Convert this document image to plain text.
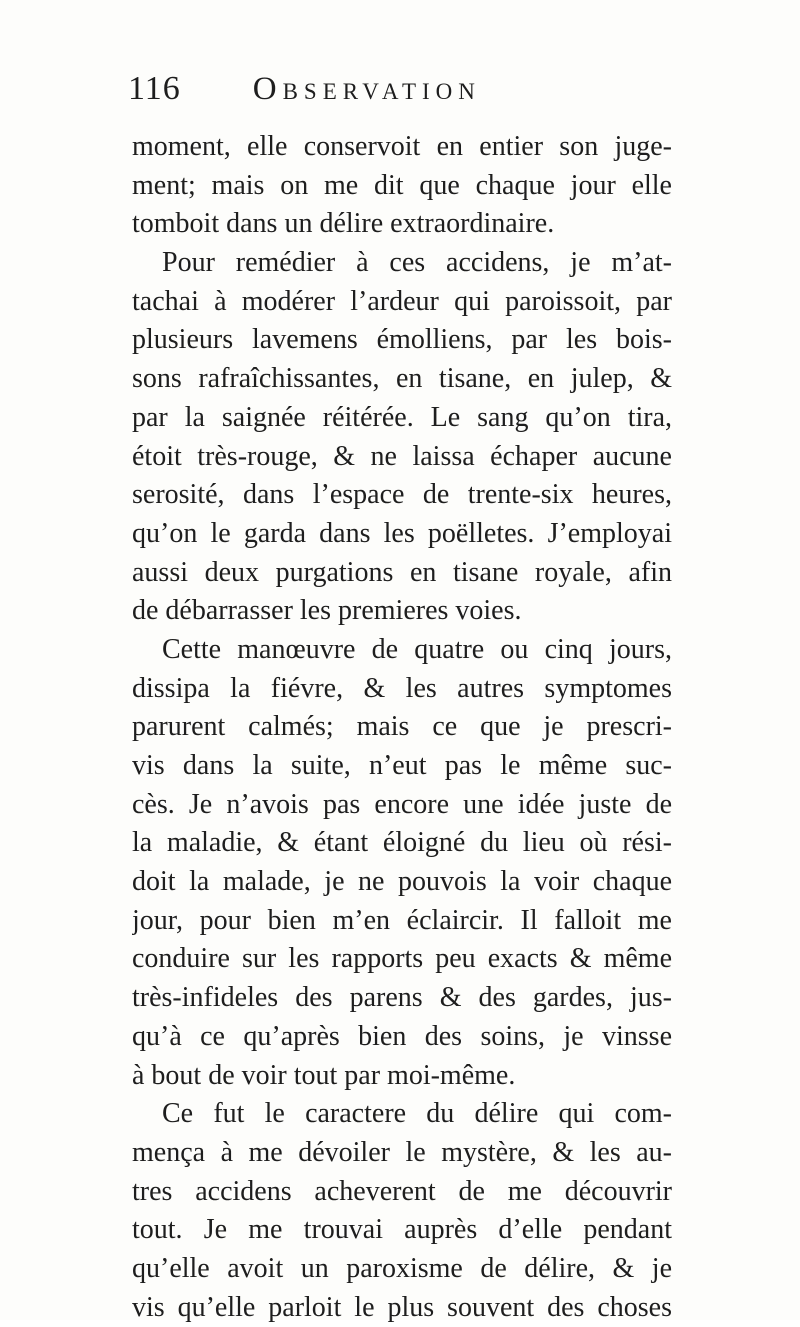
116 Observation
moment, elle conservoit en entier son juge-
ment; mais on me dit que chaque jour elle
tomboit dans un délire extraordinaire.
Pour remédier à ces accidens, je m’at-
tachai à modérer l’ardeur qui paroissoit, par
plusieurs lavemens émolliens, par les bois-
sons rafraîchissantes, en tisane, en julep, &
par la saignée réitérée. Le sang qu’on tira,
étoit très-rouge, & ne laissa échaper aucune
serosité, dans l’espace de trente-six heures,
qu’on le garda dans les poëlletes. J’employai
aussi deux purgations en tisane royale, afin
de débarrasser les premieres voies.
Cette manœuvre de quatre ou cinq jours,
dissipa la fiévre, & les autres symptomes
parurent calmés; mais ce que je prescri-
vis dans la suite, n’eut pas le même suc-
cès. Je n’avois pas encore une idée juste de
la maladie, & étant éloigné du lieu où rési-
doit la malade, je ne pouvois la voir chaque
jour, pour bien m’en éclaircir. Il falloit me
conduire sur les rapports peu exacts & même
très-infideles des parens & des gardes, jus-
qu’à ce qu’après bien des soins, je vinsse
à bout de voir tout par moi-même.
Ce fut le caractere du délire qui com-
mença à me dévoiler le mystère, & les au-
tres accidens acheverent de me découvrir
tout. Je me trouvai auprès d’elle pendant
qu’elle avoit un paroxisme de délire, & je
vis qu’elle parloit le plus souvent des choses
